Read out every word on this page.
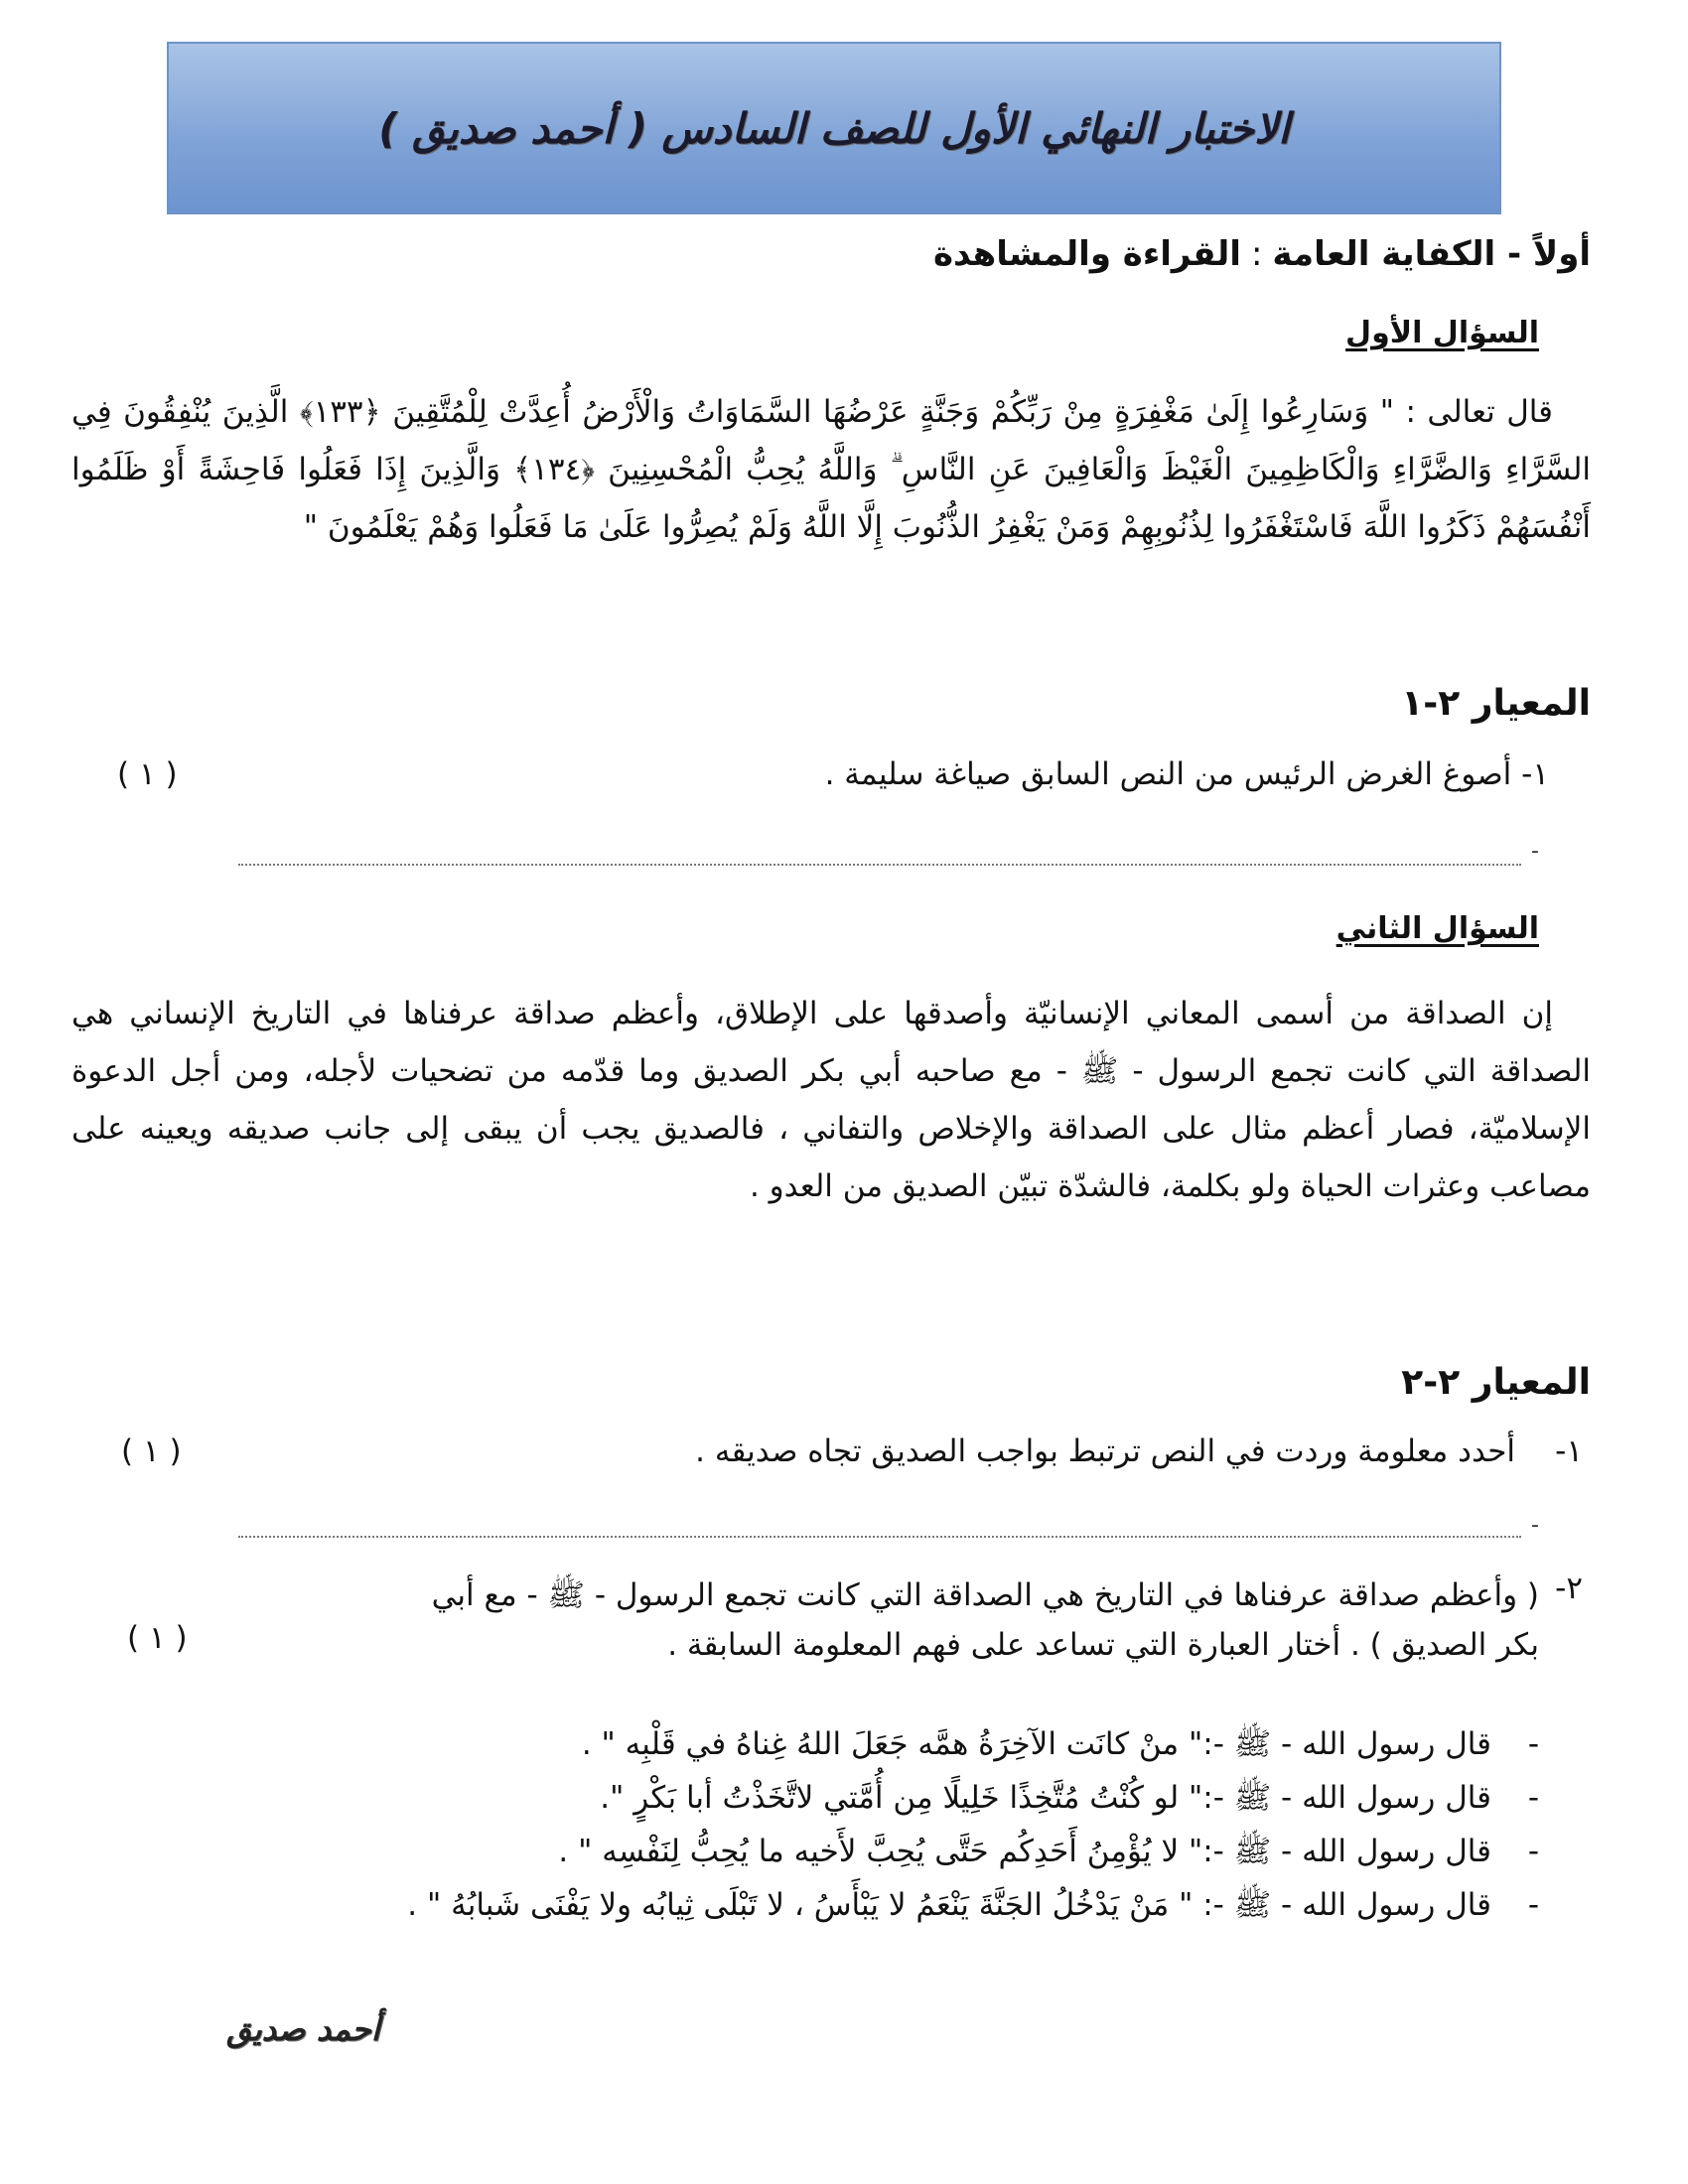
الاختبار النهائي الأول للصف السادس ( أحمد صديق )
أولاً - الكفاية العامة:القراءة والمشاهدة
السؤال الأول
قال تعالى : " وَسَارِعُوا إِلَىٰ مَغْفِرَةٍ مِنْ رَبِّكُمْ وَجَنَّةٍ عَرْضُهَا السَّمَاوَاتُ وَالْأَرْضُ أُعِدَّتْ لِلْمُتَّقِينَ ﴿١٣٣﴾ الَّذِينَ يُنْفِقُونَ فِي السَّرَّاءِ وَالضَّرَّاءِ وَالْكَاظِمِينَ الْغَيْظَ وَالْعَافِينَ عَنِ النَّاسِ ۗ وَاللَّهُ يُحِبُّ الْمُحْسِنِينَ ﴿١٣٤﴾ وَالَّذِينَ إِذَا فَعَلُوا فَاحِشَةً أَوْ ظَلَمُوا أَنْفُسَهُمْ ذَكَرُوا اللَّهَ فَاسْتَغْفَرُوا لِذُنُوبِهِمْ وَمَنْ يَغْفِرُ الذُّنُوبَ إِلَّا اللَّهُ وَلَمْ يُصِرُّوا عَلَىٰ مَا فَعَلُوا وَهُمْ يَعْلَمُونَ "
المعيار ٢-١
١- أصوغ الغرض الرئيس من النص السابق صياغة سليمة .
( ١ )
-
السؤال الثاني
إن الصداقة من أسمى المعاني الإنسانيّة وأصدقها على الإطلاق، وأعظم صداقة عرفناها في التاريخ الإنساني هي الصداقة التي كانت تجمع الرسول - ﷺ - مع صاحبه أبي بكر الصديق وما قدّمه من تضحيات لأجله، ومن أجل الدعوة الإسلاميّة، فصار أعظم مثال على الصداقة والإخلاص والتفاني ، فالصديق يجب أن يبقى إلى جانب صديقه ويعينه على مصاعب وعثرات الحياة ولو بكلمة، فالشدّة تبيّن الصديق من العدو .
المعيار ٢-٢
١-
أحدد معلومة وردت في النص ترتبط بواجب الصديق تجاه صديقه .
( ١ )
-
٢-
( وأعظم صداقة عرفناها في التاريخ هي الصداقة التي كانت تجمع الرسول - ﷺ - مع أبي
بكر الصديق ) . أختار العبارة التي تساعد على فهم المعلومة السابقة .
( ١ )
-قال رسول الله - ﷺ -:" منْ كانَت الآخِرَةُ همَّه جَعَلَ اللهُ غِناهُ في قَلْبِه " .
-قال رسول الله - ﷺ -:" لو كُنْتُ مُتَّخِذًا خَلِيلًا مِن أُمَّتي لاتَّخَذْتُ أبا بَكْرٍ ".
-قال رسول الله - ﷺ -:" لا يُؤْمِنُ أَحَدِكُم حَتَّى يُحِبَّ لأَخيه ما يُحِبُّ لِنَفْسِه " .
-قال رسول الله - ﷺ -: " مَنْ يَدْخُلُ الجَنَّةَ يَنْعَمُ لا يَبْأَسُ ، لا تَبْلَى ثِيابُه ولا يَفْنَى شَبابُهُ " .
أحمد صديق
